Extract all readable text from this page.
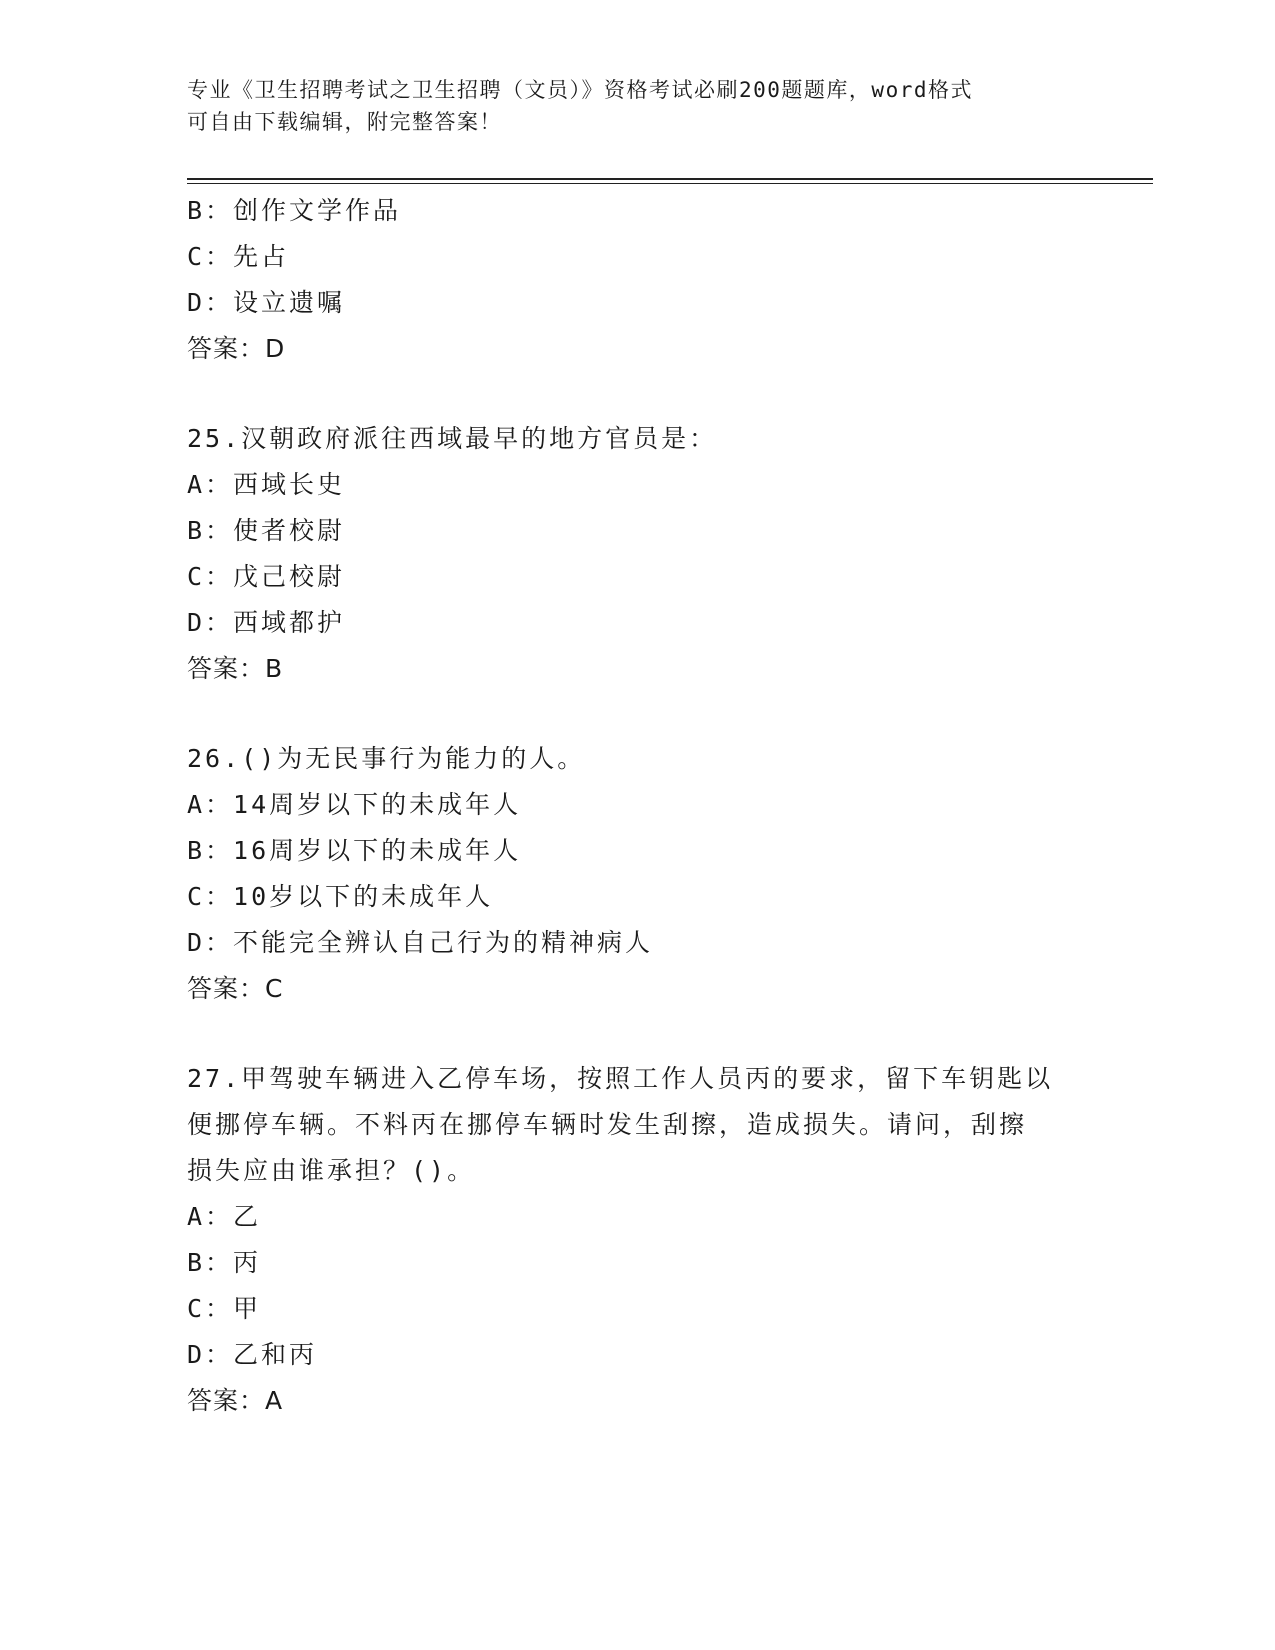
专业《卫生招聘考试之卫生招聘（文员）》资格考试必刷200题题库，word格式
可自由下载编辑，附完整答案！
B：创作文学作品
C：先占
D：设立遗嘱
答案：D
25.汉朝政府派往西域最早的地方官员是：
A：西域长史
B：使者校尉
C：戊己校尉
D：西域都护
答案：B
26.()为无民事行为能力的人。
A：14周岁以下的未成年人
B：16周岁以下的未成年人
C：10岁以下的未成年人
D：不能完全辨认自己行为的精神病人
答案：C
27.甲驾驶车辆进入乙停车场，按照工作人员丙的要求，留下车钥匙以
便挪停车辆。不料丙在挪停车辆时发生刮擦，造成损失。请问，刮擦
损失应由谁承担？()。
A：乙
B：丙
C：甲
D：乙和丙
答案：A
